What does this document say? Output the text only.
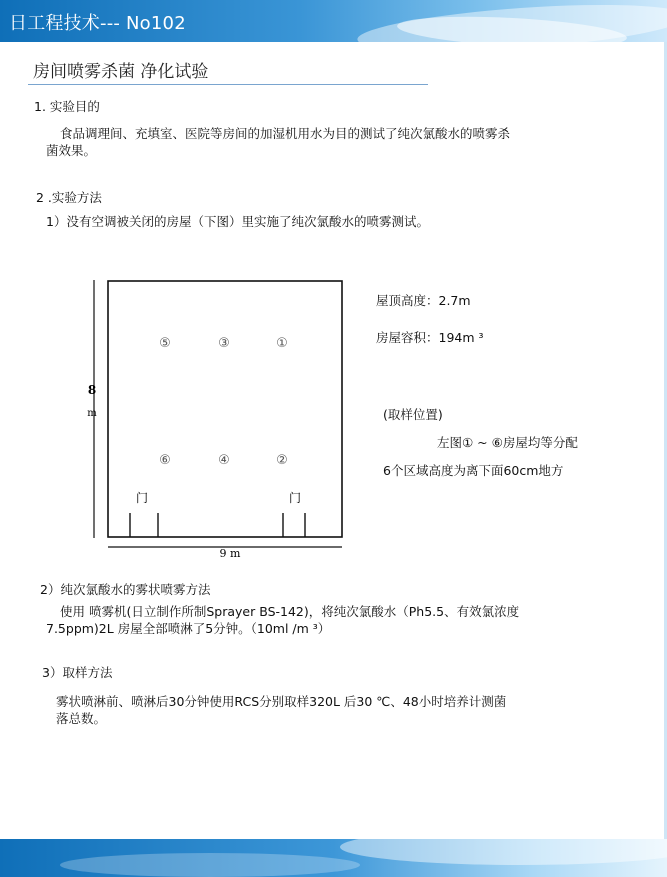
日工程技术--- No102
房间喷雾杀菌 净化试验
1. 实验目的
食品调理间、充填室、医院等房间的加湿机用水为目的测试了纯次氯酸水的喷雾杀
菌效果。
2 .实验方法
1）没有空调被关闭的房屋（下图）里实施了纯次氯酸水的喷雾测试。
8
m
9 m
门	门
⑤	③	①
⑥	④	②
屋顶高度：2.7m
房屋容积：194m ³
(取样位置)
左图① ~ ⑥房屋均等分配
6个区域高度为离下面60cm地方
2）纯次氯酸水的雾状喷雾方法
使用 喷雾机(日立制作所制Sprayer BS-142)，将纯次氯酸水（Ph5.5、有效氯浓度
7.5ppm)2L 房屋全部喷淋了5分钟。（10ml /m ³）
3）取样方法
雾状喷淋前、喷淋后30分钟使用RCS分别取样320L 后30 ℃、48小时培养计测菌
落总数。
